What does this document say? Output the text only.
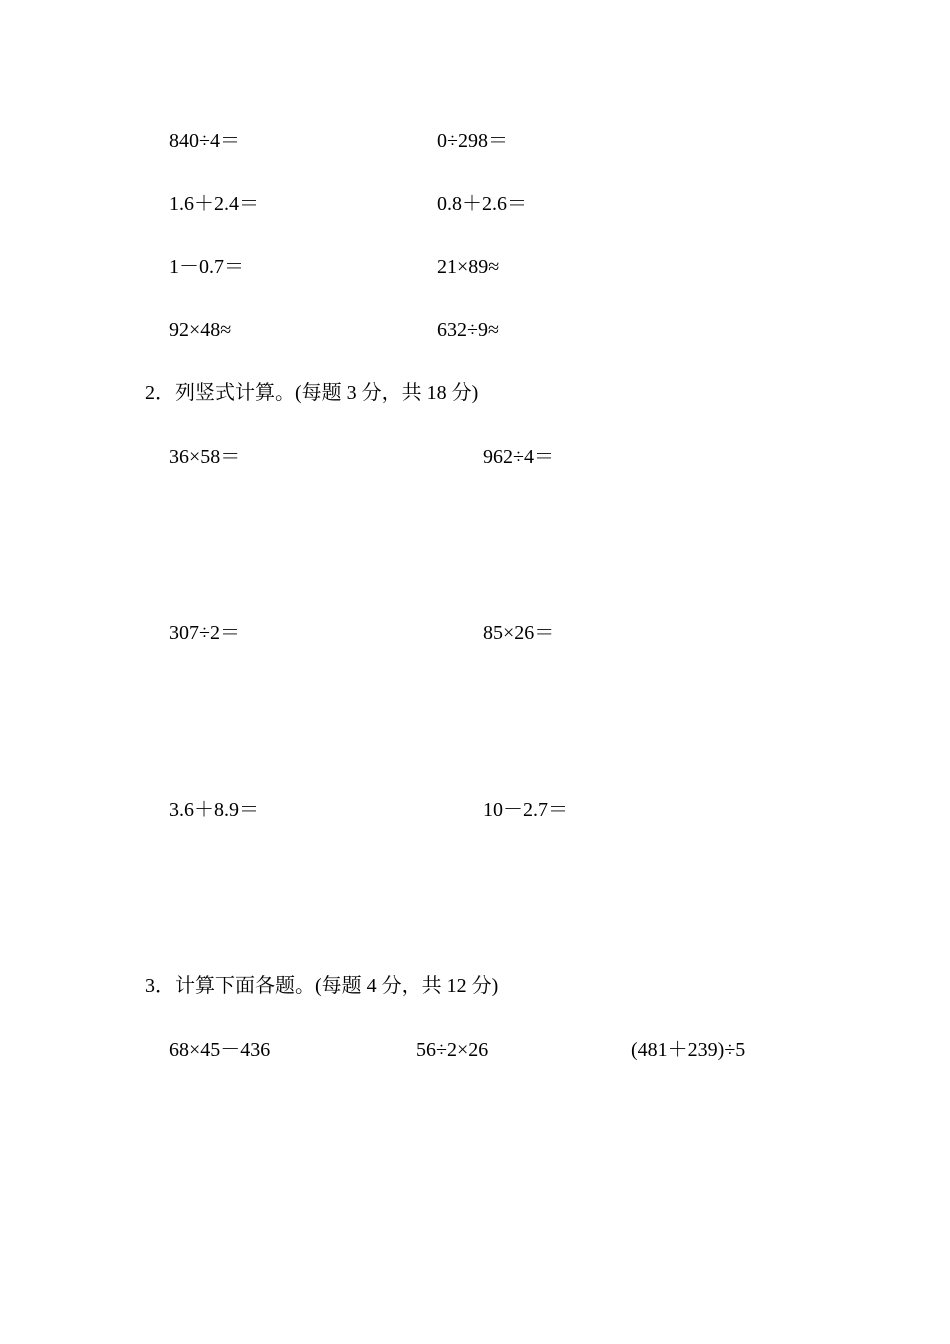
840÷4＝	0÷298＝
1.6＋2.4＝	0.8＋2.6＝
1－0.7＝	21×89≈
92×48≈	632÷9≈
2．列竖式计算。(每题 3 分，共 18 分)
36×58＝	962÷4＝
307÷2＝	85×26＝
3.6＋8.9＝	10－2.7＝
3．计算下面各题。(每题 4 分，共 12 分)
68×45－436	56÷2×26	(481＋239)÷5
